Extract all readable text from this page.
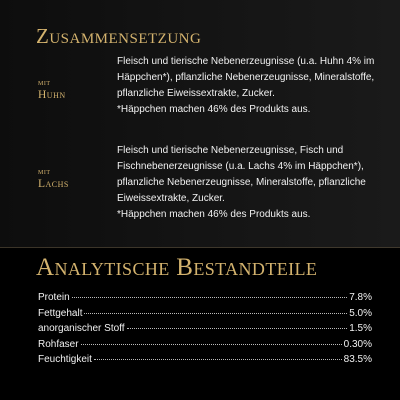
Zusammensetzung
mit
Huhn
Fleisch und tierische Nebenerzeugnisse (u.a. Huhn 4% im Häppchen*), pflanzliche Nebenerzeugnisse, Mineralstoffe, pflanzliche Eiweissextrakte, Zucker.
*Häppchen machen 46% des Produkts aus.
mit
Lachs
Fleisch und tierische Nebenerzeugnisse, Fisch und Fischnebenerzeugnisse (u.a. Lachs 4% im Häppchen*), pflanzliche Nebenerzeugnisse, Mineralstoffe, pflanzliche Eiweissextrakte, Zucker.
*Häppchen machen 46% des Produkts aus.
Analytische Bestandteile
Protein	7.8%
Fettgehalt	5.0%
anorganischer Stoff	1.5%
Rohfaser	0.30%
Feuchtigkeit	83.5%
